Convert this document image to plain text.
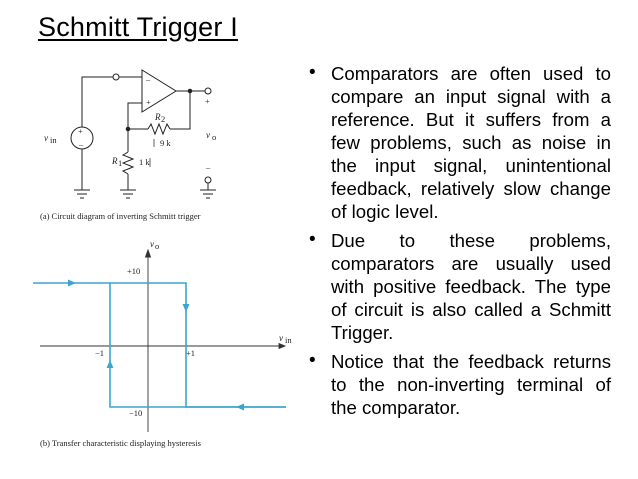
Schmitt Trigger I
+
–
–
+
v in
R 2
9 k
R 1 1 k
+
v o
–
(a) Circuit diagram of inverting Schmitt trigger
v o
v in
+10
−10
−1	+1
(b) Transfer characteristic displaying hysteresis
• Comparators are often used to compare an input signal with a reference. But it suffers from a few problems, such as noise in the input signal, unintentional feedback, relatively slow change of logic level.
• Due to these problems, comparators are usually used with positive feedback. The type of circuit is also called a Schmitt Trigger.
• Notice that the feedback returns to the non-inverting terminal of the comparator.
